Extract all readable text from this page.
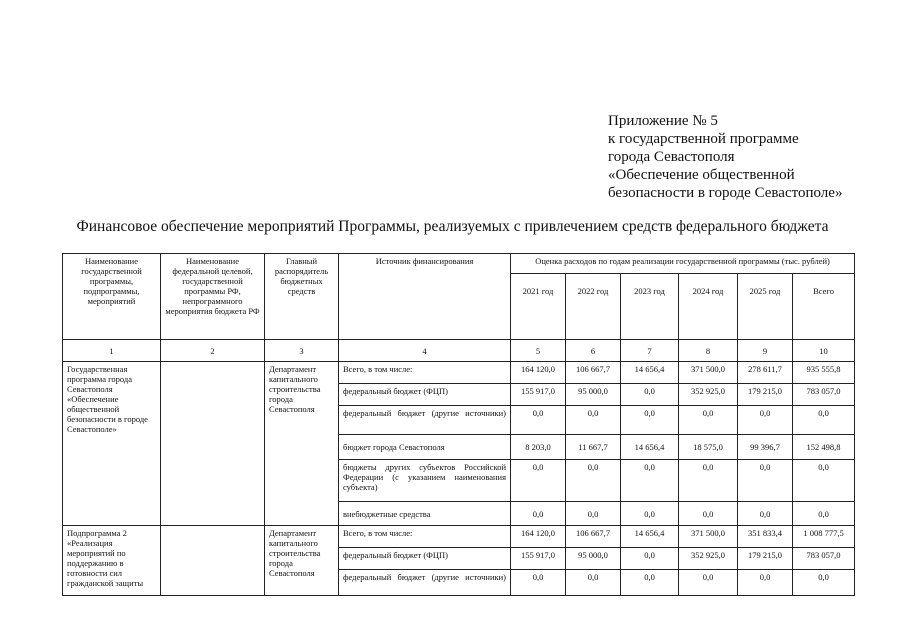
Приложение № 5
к государственной программе
города Севастополя
«Обеспечение общественной
безопасности в городе Севастополе»
Финансовое обеспечение мероприятий Программы, реализуемых с привлечением средств федерального бюджета
Наименование государственной программы, подпрограммы, мероприятий	Наименование федеральной целевой, государственной программы РФ, непрограммного мероприятия бюджета РФ	Главный распорядитель бюджетных средств	Источник финансирования	Оценка расходов по годам реализации государственной программы (тыс. рублей)					
				2021 год	2022 год	2023 год	2024 год	2025 год	Всего
1	2	3	4	5	6	7	8	9	10
Государственная программа города Севастополя «Обеспечение общественной безопасности в городе Севастополе»		Департамент капитального строительства города Севастополя	Всего, в том числе:	164 120,0	106 667,7	14 656,4	371 500,0	278 611,7	935 555,8
			федеральный бюджет (ФЦП)	155 917,0	95 000,0	0,0	352 925,0	179 215,0	783 057,0
			федеральный бюджет (другие источники)	0,0	0,0	0,0	0,0	0,0	0,0
			бюджет города Севастополя	8 203,0	11 667,7	14 656,4	18 575,0	99 396,7	152 498,8
			бюджеты других субъектов Российской Федерации (с указанием наименования субъекта)	0,0	0,0	0,0	0,0	0,0	0,0
			внебюджетные средства	0,0	0,0	0,0	0,0	0,0	0,0
Подпрограмма 2 «Реализация мероприятий по поддержанию в готовности сил гражданской защиты		Департамент капитального строительства города Севастополя	Всего, в том числе:	164 120,0	106 667,7	14 656,4	371 500,0	351 833,4	1 008 777,5
			федеральный бюджет (ФЦП)	155 917,0	95 000,0	0,0	352 925,0	179 215,0	783 057,0
			федеральный бюджет (другие источники)	0,0	0,0	0,0	0,0	0,0	0,0
